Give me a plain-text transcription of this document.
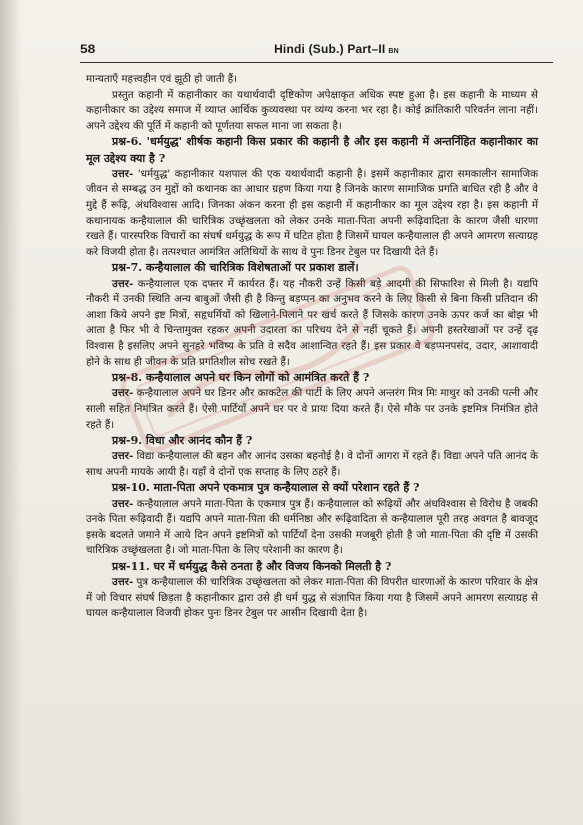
58	Hindi (Sub.) Part–II BN

मान्यताएँ महत्त्वहीन एवं झूठी हो जाती हैं।

प्रस्तुत कहानी में कहानीकार का यथार्थवादी दृष्टिकोण अपेक्षाकृत अधिक स्पष्ट हुआ है। इस कहानी के माध्यम से कहानीकार का उद्देश्य समाज में व्याप्त आर्थिक कुव्यवस्था पर व्यंग्य करना भर रहा है। कोई क्रांतिकारी परिवर्तन लाना नहीं। अपने उद्देश्य की पूर्ति में कहानी को पूर्णतया सफल माना जा सकता है।

प्रश्न-6. 'धर्मयुद्ध' शीर्षक कहानी किस प्रकार की कहानी है और इस कहानी में अन्तर्निहित कहानीकार का मूल उद्देश्य क्या है ?

उत्तर- 'धर्मयुद्ध' कहानीकार यशपाल की एक यथार्थवादी कहानी है। इसमें कहानीकार द्वारा समकालीन सामाजिक जीवन से सम्बद्ध उन मुद्दों को कथानक का आधार ग्रहण किया गया है जिनके कारण सामाजिक प्रगति बाधित रही है और वे मुद्दे हैं रूढ़ि, अंधविश्वास आदि। जिनका अंकन करना ही इस कहानी में कहानीकार का मूल उद्देश्य रहा है। इस कहानी में कथानायक कन्हैयालाल की चारित्रिक उच्छृंखलता को लेकर उनके माता-पिता अपनी रूढ़िवादिता के कारण जैसी धारणा रखते हैं। पारस्परिक विचारों का संघर्ष धर्मयुद्ध के रूप में घटित होता है जिसमें घायल कन्हैयालाल ही अपने आमरण सत्याग्रह करे विजयी होता है। तत्पश्चात आमंत्रित अतिथियों के साथ वे पुनः डिनर टेबुल पर दिखायी देते हैं।

प्रश्न-7. कन्हैयालाल की चारित्रिक विशेषताओं पर प्रकाश डालें।

उत्तर- कन्हैयालाल एक दफ्तर में कार्यरत हैं। यह नौकरी उन्हें किसी बड़े आदमी की सिफारिश से मिली है। यद्यपि नौकरी में उनकी स्थिति अन्य बाबुओं जैसी ही है किन्तु बड़प्पन का अनुभव करने के लिए किसी से बिना किसी प्रतिदान की आशा किये अपने इष्ट मित्रों, सहृधर्मियों को खिलाने-पिलाने पर खर्च करते हैं जिसके कारण उनके ऊपर कर्ज का बोझ भी आता है फिर भी वे चिन्तामुक्त रहकर अपनी उदारता का परिचय देने से नहीं चूकते हैं। अपनी हस्तरेखाओं पर उन्हें दृढ़ विश्वास है इसलिए अपने सुनहरे भविष्य के प्रति वे सदैव आशान्वित रहते हैं। इस प्रकार वे बड़प्पनपसंद, उदार, आशावादी होने के साथ ही जीवन के प्रति प्रगतिशील सोच रखते हैं।

प्रश्न-8. कन्हैयालाल अपने घर किन लोगों को आमंत्रित करते हैं ?

उत्तर- कन्हैयालाल अपने घर डिनर और काकटेल की पार्टी के लिए अपने अन्तरंग मित्र मिः माथुर को उनकी पत्नी और साली सहित निमंत्रित करते हैं। ऐसी पार्टियाँ अपने घर पर वे प्रायः दिया करते हैं। ऐसे मौके पर उनके इष्टमित्र निमंत्रित होते रहते हैं।

प्रश्न-9. विधा और आनंद कौन हैं ?

उत्तर- विद्या कन्हैयालाल की बहन और आनंद उसका बहनोई है। वे दोनों आगरा में रहते हैं। विद्या अपने पति आनंद के साथ अपनी मायके आयी है। यहाँ वे दोनों एक सप्ताह के लिए ठहरे हैं।

प्रश्न-10. माता-पिता अपने एकमात्र पुत्र कन्हैयालाल से क्यों परेशान रहते हैं ?

उत्तर- कन्हैयालाल अपने माता-पिता के एकमात्र पुत्र हैं। कन्हैयालाल को रूढ़ियों और अंधविश्वास से विरोध है जबकी उनके पिता रूढ़िवादी हैं। यद्यपि अपने माता-पिता की धर्मनिष्ठा और रूढ़िवादिता से कन्हैयालाल पूरी तरह अवगत है बावजूद इसके बदलते जमाने में आये दिन अपने इष्टमित्रों को पार्टियाँ देना उसकी मजबूरी होती है जो माता-पिता की दृष्टि में उसकी चारित्रिक उच्छृंखलता है। जो माता-पिता के लिए परेशानी का कारण है।

प्रश्न-11. घर में धर्मयुद्ध कैसे ठनता है और विजय किनको मिलती है ?

उत्तर- पुत्र कन्हैयालाल की चारित्रिक उच्छृंखलता को लेकर माता-पिता की विपरीत धारणाओं के कारण परिवार के क्षेत्र में जो विचार संघर्ष छिड़ता है कहानीकार द्वारा उसे ही धर्म युद्ध से संज्ञापित किया गया है जिसमें अपने आमरण सत्याग्रह से घायल कन्हैयालाल विजयी होकर पुनः डिनर टेबुल पर आसीन दिखायी देता है।
